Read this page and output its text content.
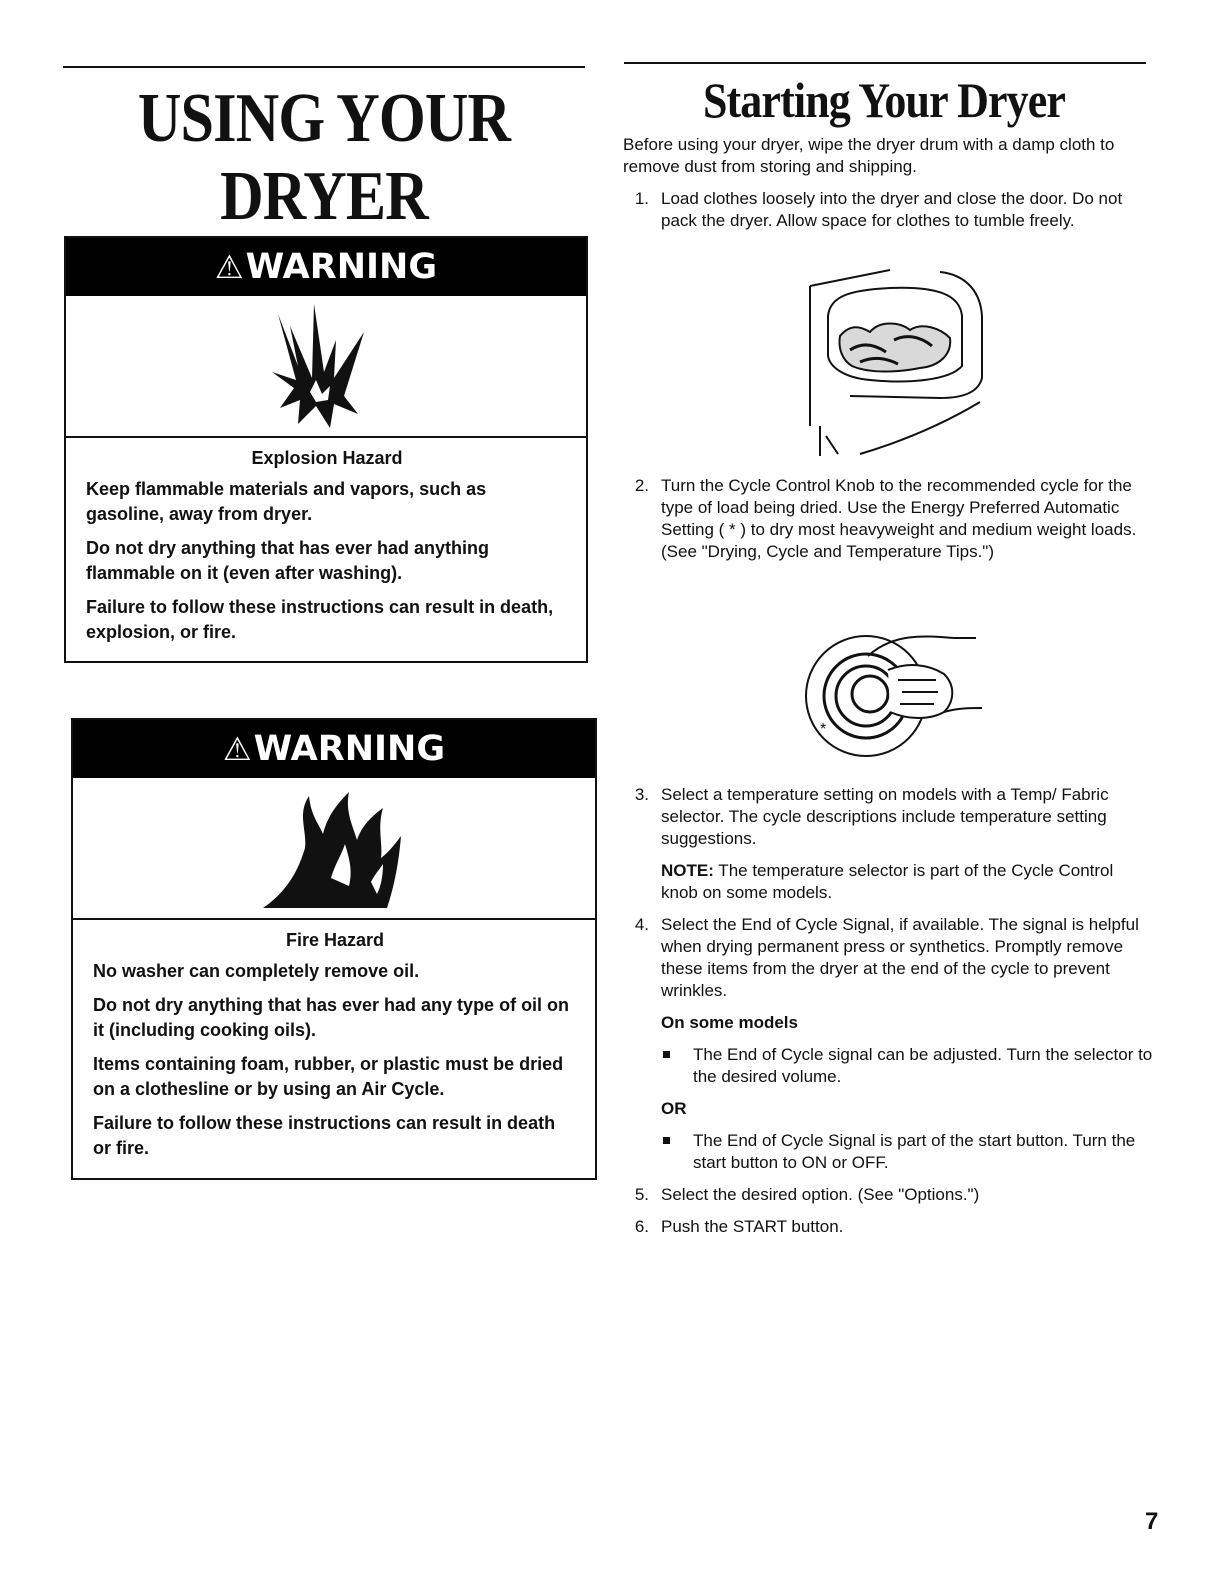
USING YOUR
DRYER
⚠WARNING

Explosion Hazard

Keep flammable materials and vapors, such as gasoline, away from dryer.

Do not dry anything that has ever had anything flammable on it (even after washing).

Failure to follow these instructions can result in death, explosion, or fire.

⚠WARNING

Fire Hazard

No washer can completely remove oil.

Do not dry anything that has ever had any type of oil on it (including cooking oils).

Items containing foam, rubber, or plastic must be dried on a clothesline or by using an Air Cycle.

Failure to follow these instructions can result in death or fire.

Starting Your Dryer

Before using your dryer, wipe the dryer drum with a damp cloth to remove dust from storing and shipping.

1. Load clothes loosely into the dryer and close the door. Do not pack the dryer. Allow space for clothes to tumble freely.

2. Turn the Cycle Control Knob to the recommended cycle for the type of load being dried. Use the Energy Preferred Automatic Setting ( * ) to dry most heavyweight and medium weight loads. (See "Drying, Cycle and Temperature Tips.")

*
3. Select a temperature setting on models with a Temp/ Fabric selector. The cycle descriptions include temperature setting suggestions.

NOTE: The temperature selector is part of the Cycle Control knob on some models.

4. Select the End of Cycle Signal, if available. The signal is helpful when drying permanent press or synthetics. Promptly remove these items from the dryer at the end of the cycle to prevent wrinkles.

On some models

The End of Cycle signal can be adjusted. Turn the selector to the desired volume.

OR

The End of Cycle Signal is part of the start button. Turn the start button to ON or OFF.

5. Select the desired option. (See "Options.")

6. Push the START button.

7
